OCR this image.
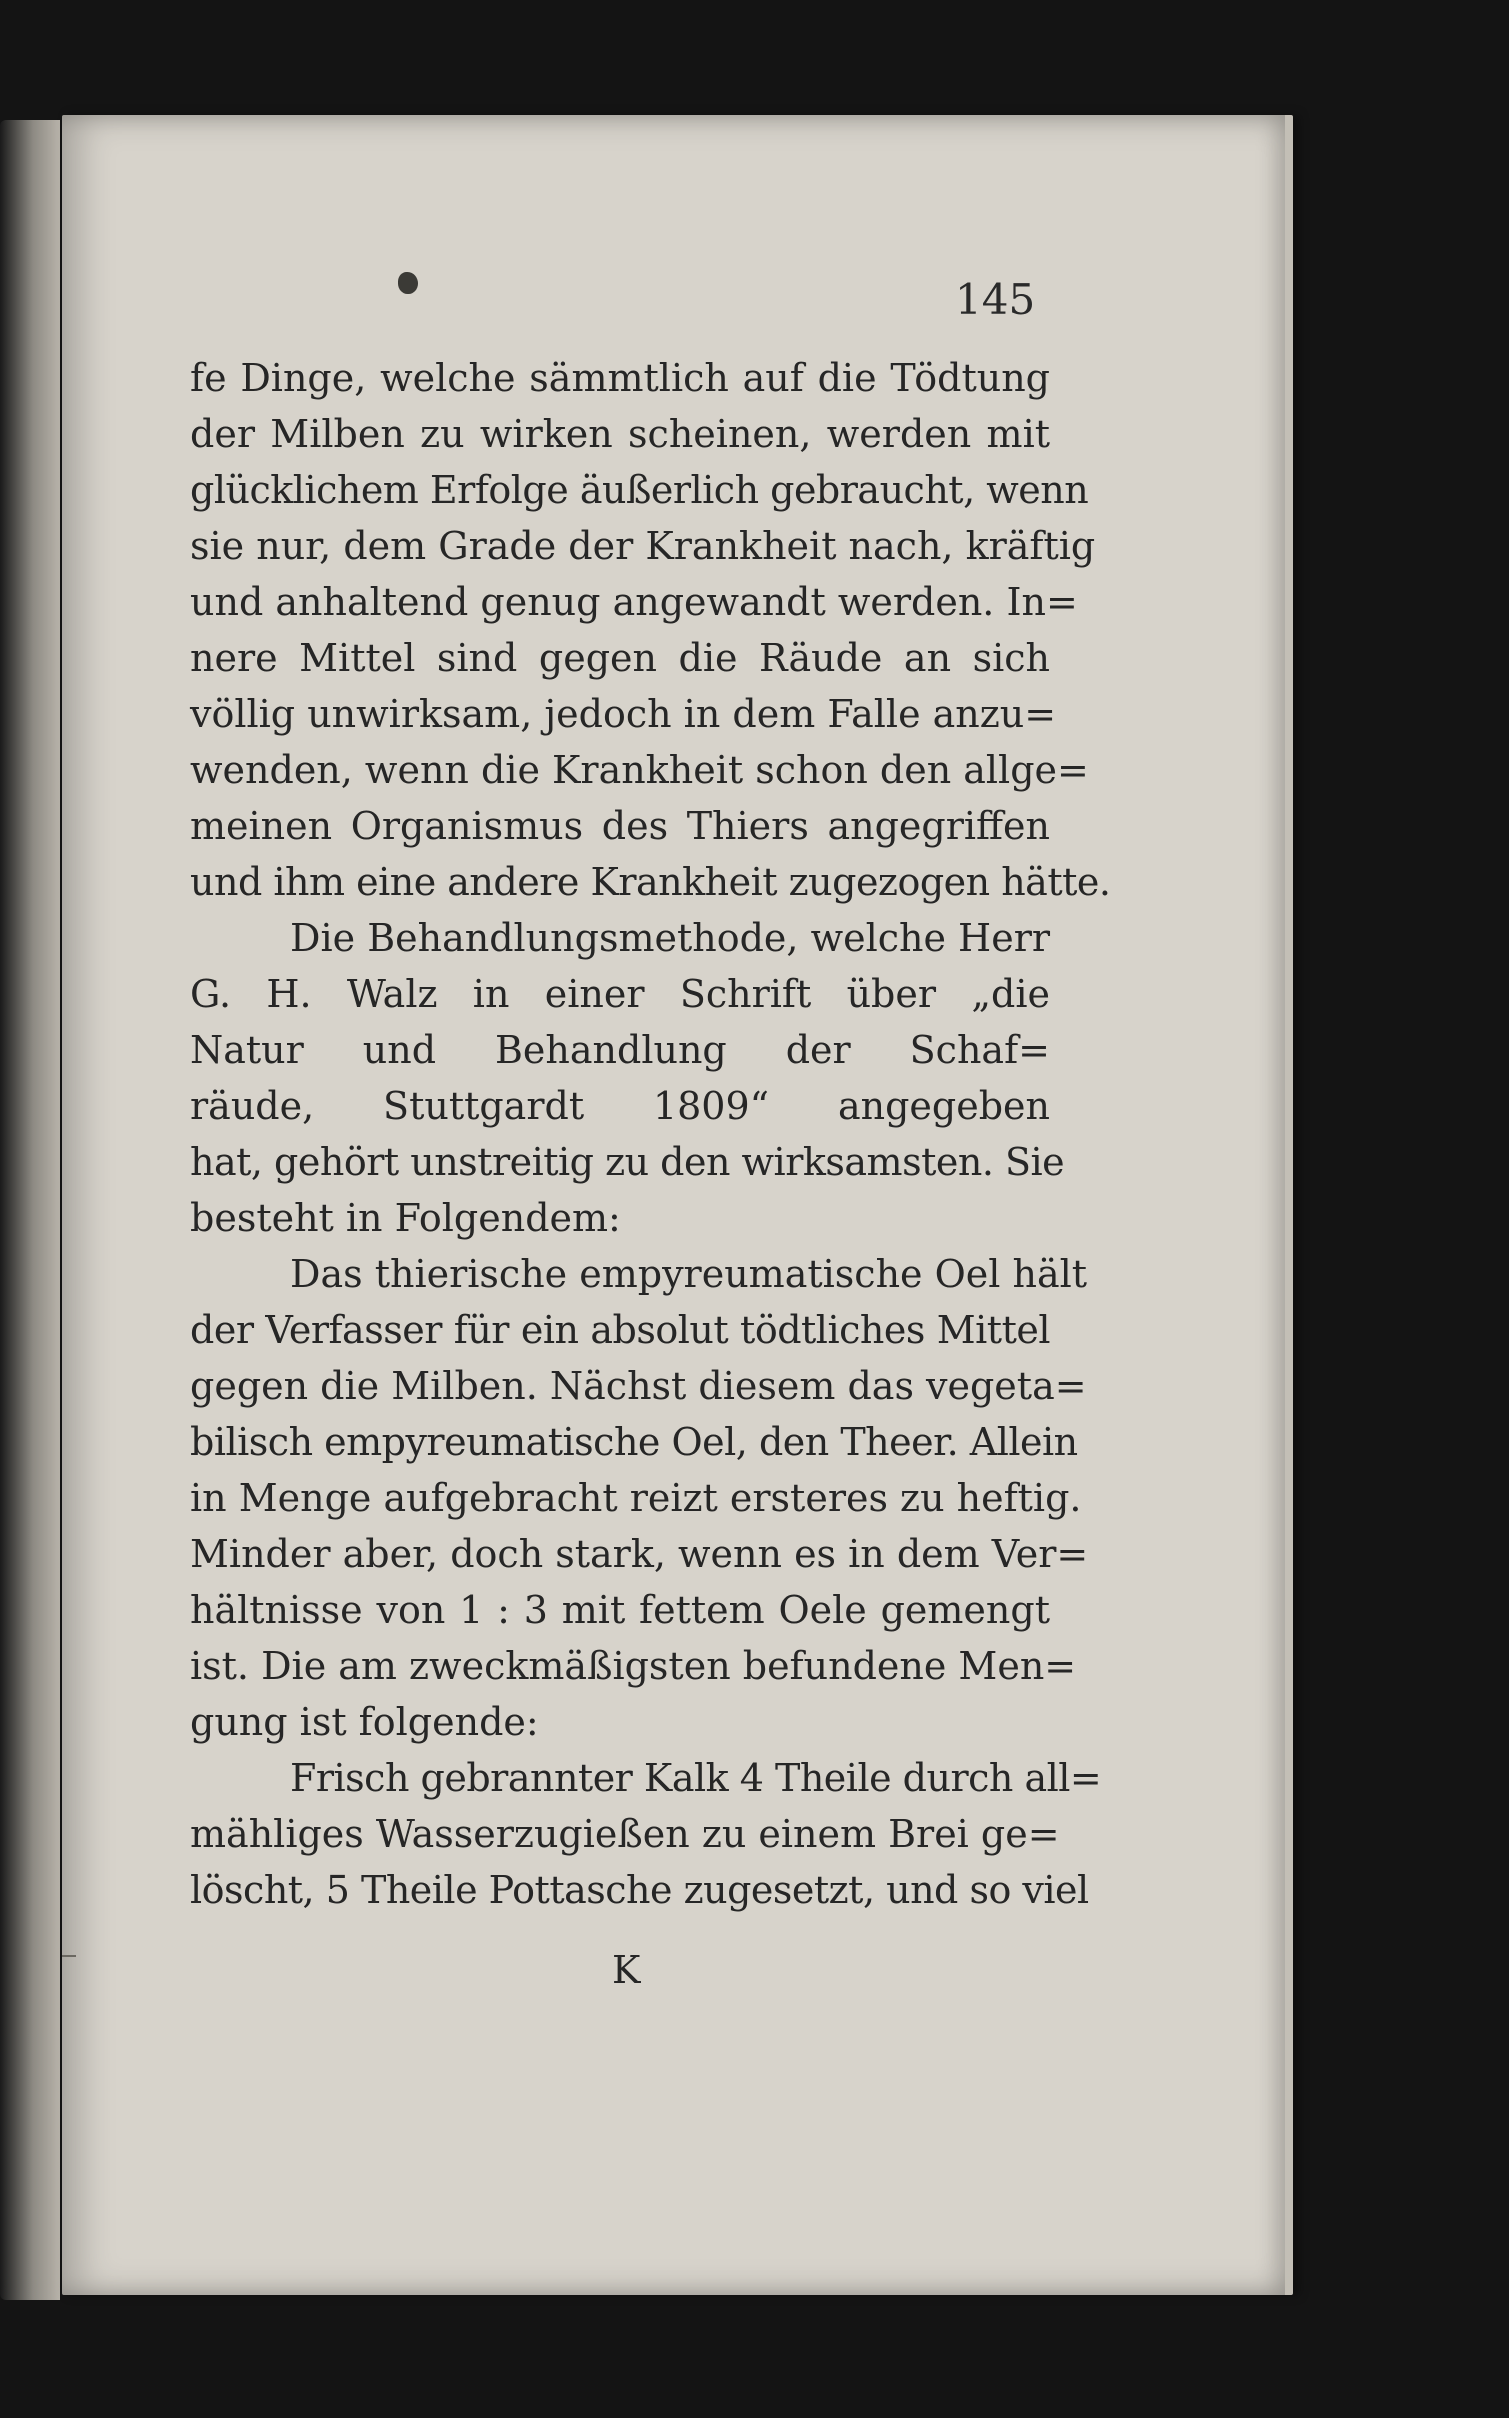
145
fe Dinge, welche sämmtlich auf die Tödtung
der Milben zu wirken scheinen, werden mit
glücklichem Erfolge äußerlich gebraucht, wenn
sie nur, dem Grade der Krankheit nach, kräftig
und anhaltend genug angewandt werden. In=
nere Mittel sind gegen die Räude an sich
völlig unwirksam, jedoch in dem Falle anzu=
wenden, wenn die Krankheit schon den allge=
meinen Organismus des Thiers angegriffen
und ihm eine andere Krankheit zugezogen hätte.
Die Behandlungsmethode, welche Herr
G. H. Walz in einer Schrift über „die
Natur und Behandlung der Schaf=
räude, Stuttgardt 1809“ angegeben
hat, gehört unstreitig zu den wirksamsten. Sie
besteht in Folgendem:
Das thierische empyreumatische Oel hält
der Verfasser für ein absolut tödtliches Mittel
gegen die Milben. Nächst diesem das vegeta=
bilisch empyreumatische Oel, den Theer. Allein
in Menge aufgebracht reizt ersteres zu heftig.
Minder aber, doch stark, wenn es in dem Ver=
hältnisse von 1 : 3 mit fettem Oele gemengt
ist. Die am zweckmäßigsten befundene Men=
gung ist folgende:
Frisch gebrannter Kalk 4 Theile durch all=
mähliges Wasserzugießen zu einem Brei ge=
löscht, 5 Theile Pottasche zugesetzt, und so viel
K
